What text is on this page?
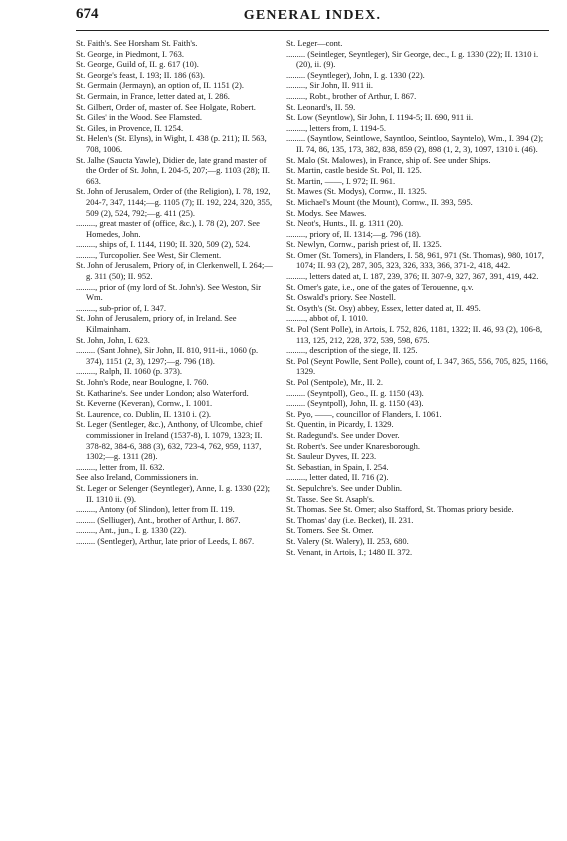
674	GENERAL INDEX.

St. Faith's. See Horsham St. Faith's.

St. George, in Piedmont, I. 763.

St. George, Guild of, II. g. 617 (10).

St. George's feast, I. 193; II. 186 (63).

St. Germain (Jermayn), an option of, II. 1151 (2).

St. Germain, in France, letter dated at, I. 286.

St. Gilbert, Order of, master of. See Holgate, Robert.

St. Giles' in the Wood. See Flamsted.

St. Giles, in Provence, II. 1254.

St. Helen's (St. Elyns), in Wight, I. 438 (p. 211); II. 563, 708, 1006.

St. Jalhe (Saucta Yawle), Didier de, late grand master of the Order of St. John, I. 204-5, 207;—g. 1103 (28); II. 663.

St. John of Jerusalem, Order of (the Religion), I. 78, 192, 204-7, 347, 1144;—g. 1105 (7); II. 192, 224, 320, 355, 509 (2), 524, 792;—g. 411 (25).

........., great master of (office, &c.), I. 78 (2), 207. See Homedes, John.

........., ships of, I. 1144, 1190; II. 320, 509 (2), 524.

........., Turcopolier. See West, Sir Clement.

St. John of Jerusalem, Priory of, in Clerkenwell, I. 264;—g. 311 (50); II. 952.

........., prior of (my lord of St. John's). See Weston, Sir Wm.

........., sub-prior of, I. 347.

St. John of Jerusalem, priory of, in Ireland. See Kilmainham.

St. John, John, I. 623.

......... (Sant Johne), Sir John, II. 810, 911-ii., 1060 (p. 374), 1151 (2, 3), 1297;—g. 796 (18).

........., Ralph, II. 1060 (p. 373).

St. John's Rode, near Boulogne, I. 760.

St. Katharine's. See under London; also Waterford.

St. Keverne (Keveran), Cornw., I. 1001.

St. Laurence, co. Dublin, II. 1310 i. (2).

St. Leger (Sentleger, &c.), Anthony, of Ulcombe, chief commissioner in Ireland (1537-8), I. 1079, 1323; II. 378-82, 384-6, 388 (3), 632, 723-4, 762, 959, 1137, 1302;—g. 1311 (28).

........., letter from, II. 632.

See also Ireland, Commissioners in.

St. Leger or Selenger (Seyntleger), Anne, I. g. 1330 (22); II. 1310 ii. (9).

........., Antony (of Slindon), letter from II. 119.

......... (Selliuger), Ant., brother of Arthur, I. 867.

........., Ant., jun., I. g. 1330 (22).

......... (Sentleger), Arthur, late prior of Leeds, I. 867.

St. Leger—cont.

......... (Seintleger, Seyntleger), Sir George, dec., I. g. 1330 (22); II. 1310 i. (20), ii. (9).

......... (Seyntleger), John, I. g. 1330 (22).

........., Sir John, II. 911 ii.

........., Robt., brother of Arthur, I. 867.

St. Leonard's, II. 59.

St. Low (Seyntlow), Sir John, I. 1194-5; II. 690, 911 ii.

........., letters from, I. 1194-5.

......... (Sayntlow, Seintlowe, Sayntloo, Seintloo, Sayntelo), Wm., I. 394 (2); II. 74, 86, 135, 173, 382, 838, 859 (2), 898 (1, 2, 3), 1097, 1310 i. (46).

St. Malo (St. Malowes), in France, ship of. See under Ships.

St. Martin, castle beside St. Pol, II. 125.

St. Martin, ——, I. 972; II. 961.

St. Mawes (St. Modys), Cornw., II. 1325.

St. Michael's Mount (the Mount), Cornw., II. 393, 595.

St. Modys. See Mawes.

St. Neot's, Hunts., II. g. 1311 (20).

........., priory of, II. 1314;—g. 796 (18).

St. Newlyn, Cornw., parish priest of, II. 1325.

St. Omer (St. Tomers), in Flanders, I. 58, 961, 971 (St. Thomas), 980, 1017, 1074; II. 93 (2), 287, 305, 323, 326, 333, 366, 371-2, 418, 442.

........., letters dated at, I. 187, 239, 376; II. 307-9, 327, 367, 391, 419, 442.

St. Omer's gate, i.e., one of the gates of Terouenne, q.v.

St. Oswald's priory. See Nostell.

St. Osyth's (St. Osy) abbey, Essex, letter dated at, II. 495.

........., abbot of, I. 1010.

St. Pol (Sent Polle), in Artois, I. 752, 826, 1181, 1322; II. 46, 93 (2), 106-8, 113, 125, 212, 228, 372, 539, 598, 675.

........., description of the siege, II. 125.

St. Pol (Seynt Powlle, Sent Polle), count of, I. 347, 365, 556, 705, 825, 1166, 1329.

St. Pol (Sentpole), Mr., II. 2.

......... (Seyntpoll), Geo., II. g. 1150 (43).

......... (Seyntpoll), John, II. g. 1150 (43).

St. Pyo, ——, councillor of Flanders, I. 1061.

St. Quentin, in Picardy, I. 1329.

St. Radegund's. See under Dover.

St. Robert's. See under Knaresborough.

St. Sauleur Dyves, II. 223.

St. Sebastian, in Spain, I. 254.

........., letter dated, II. 716 (2).

St. Sepulchre's. See under Dublin.

St. Tasse. See St. Asaph's.

St. Thomas. See St. Omer; also Stafford, St. Thomas priory beside.

St. Thomas' day (i.e. Becket), II. 231.

St. Tomers. See St. Omer.

St. Valery (St. Walery), II. 253, 680.

St. Venant, in Artois, I.; 1480 II. 372.
